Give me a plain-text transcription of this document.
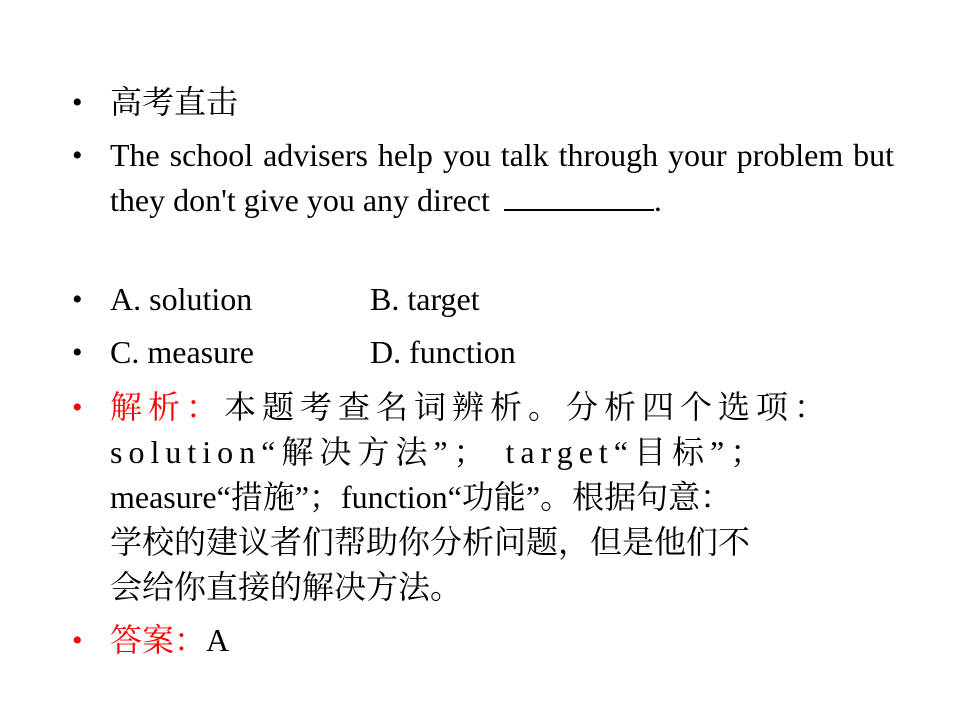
• 高考直击
• The school advisers help you talk through your problem but they don't give you any direct	.
• A. solution	B. target
• C. measure	D. function
• 解析：本题考查名词辨析。分析四个选项：
solution“解决方法”； target“目标”；
measure“措施”；function“功能”。根据句意：
学校的建议者们帮助你分析问题，但是他们不
会给你直接的解决方法。
• 答案：A
